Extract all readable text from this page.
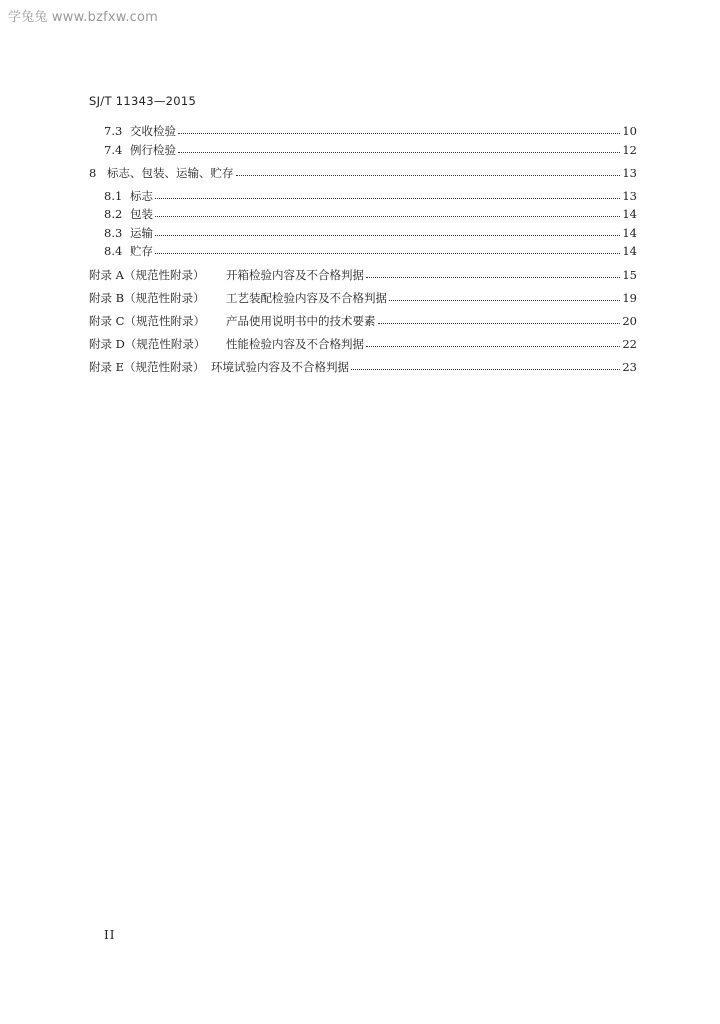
学兔兔 www.bzfxw.com
SJ/T 11343—2015
7.3 交收检验	10
7.4 例行检验	12
8 标志、包装、运输、贮存	13
8.1 标志	13
8.2 包装	14
8.3 运输	14
8.4 贮存	14
附录 A（规范性附录）	开箱检验内容及不合格判据	15
附录 B（规范性附录）	工艺装配检验内容及不合格判据	19
附录 C（规范性附录）	产品使用说明书中的技术要素	20
附录 D（规范性附录）	性能检验内容及不合格判据	22
附录 E（规范性附录） 环境试验内容及不合格判据	23
II
